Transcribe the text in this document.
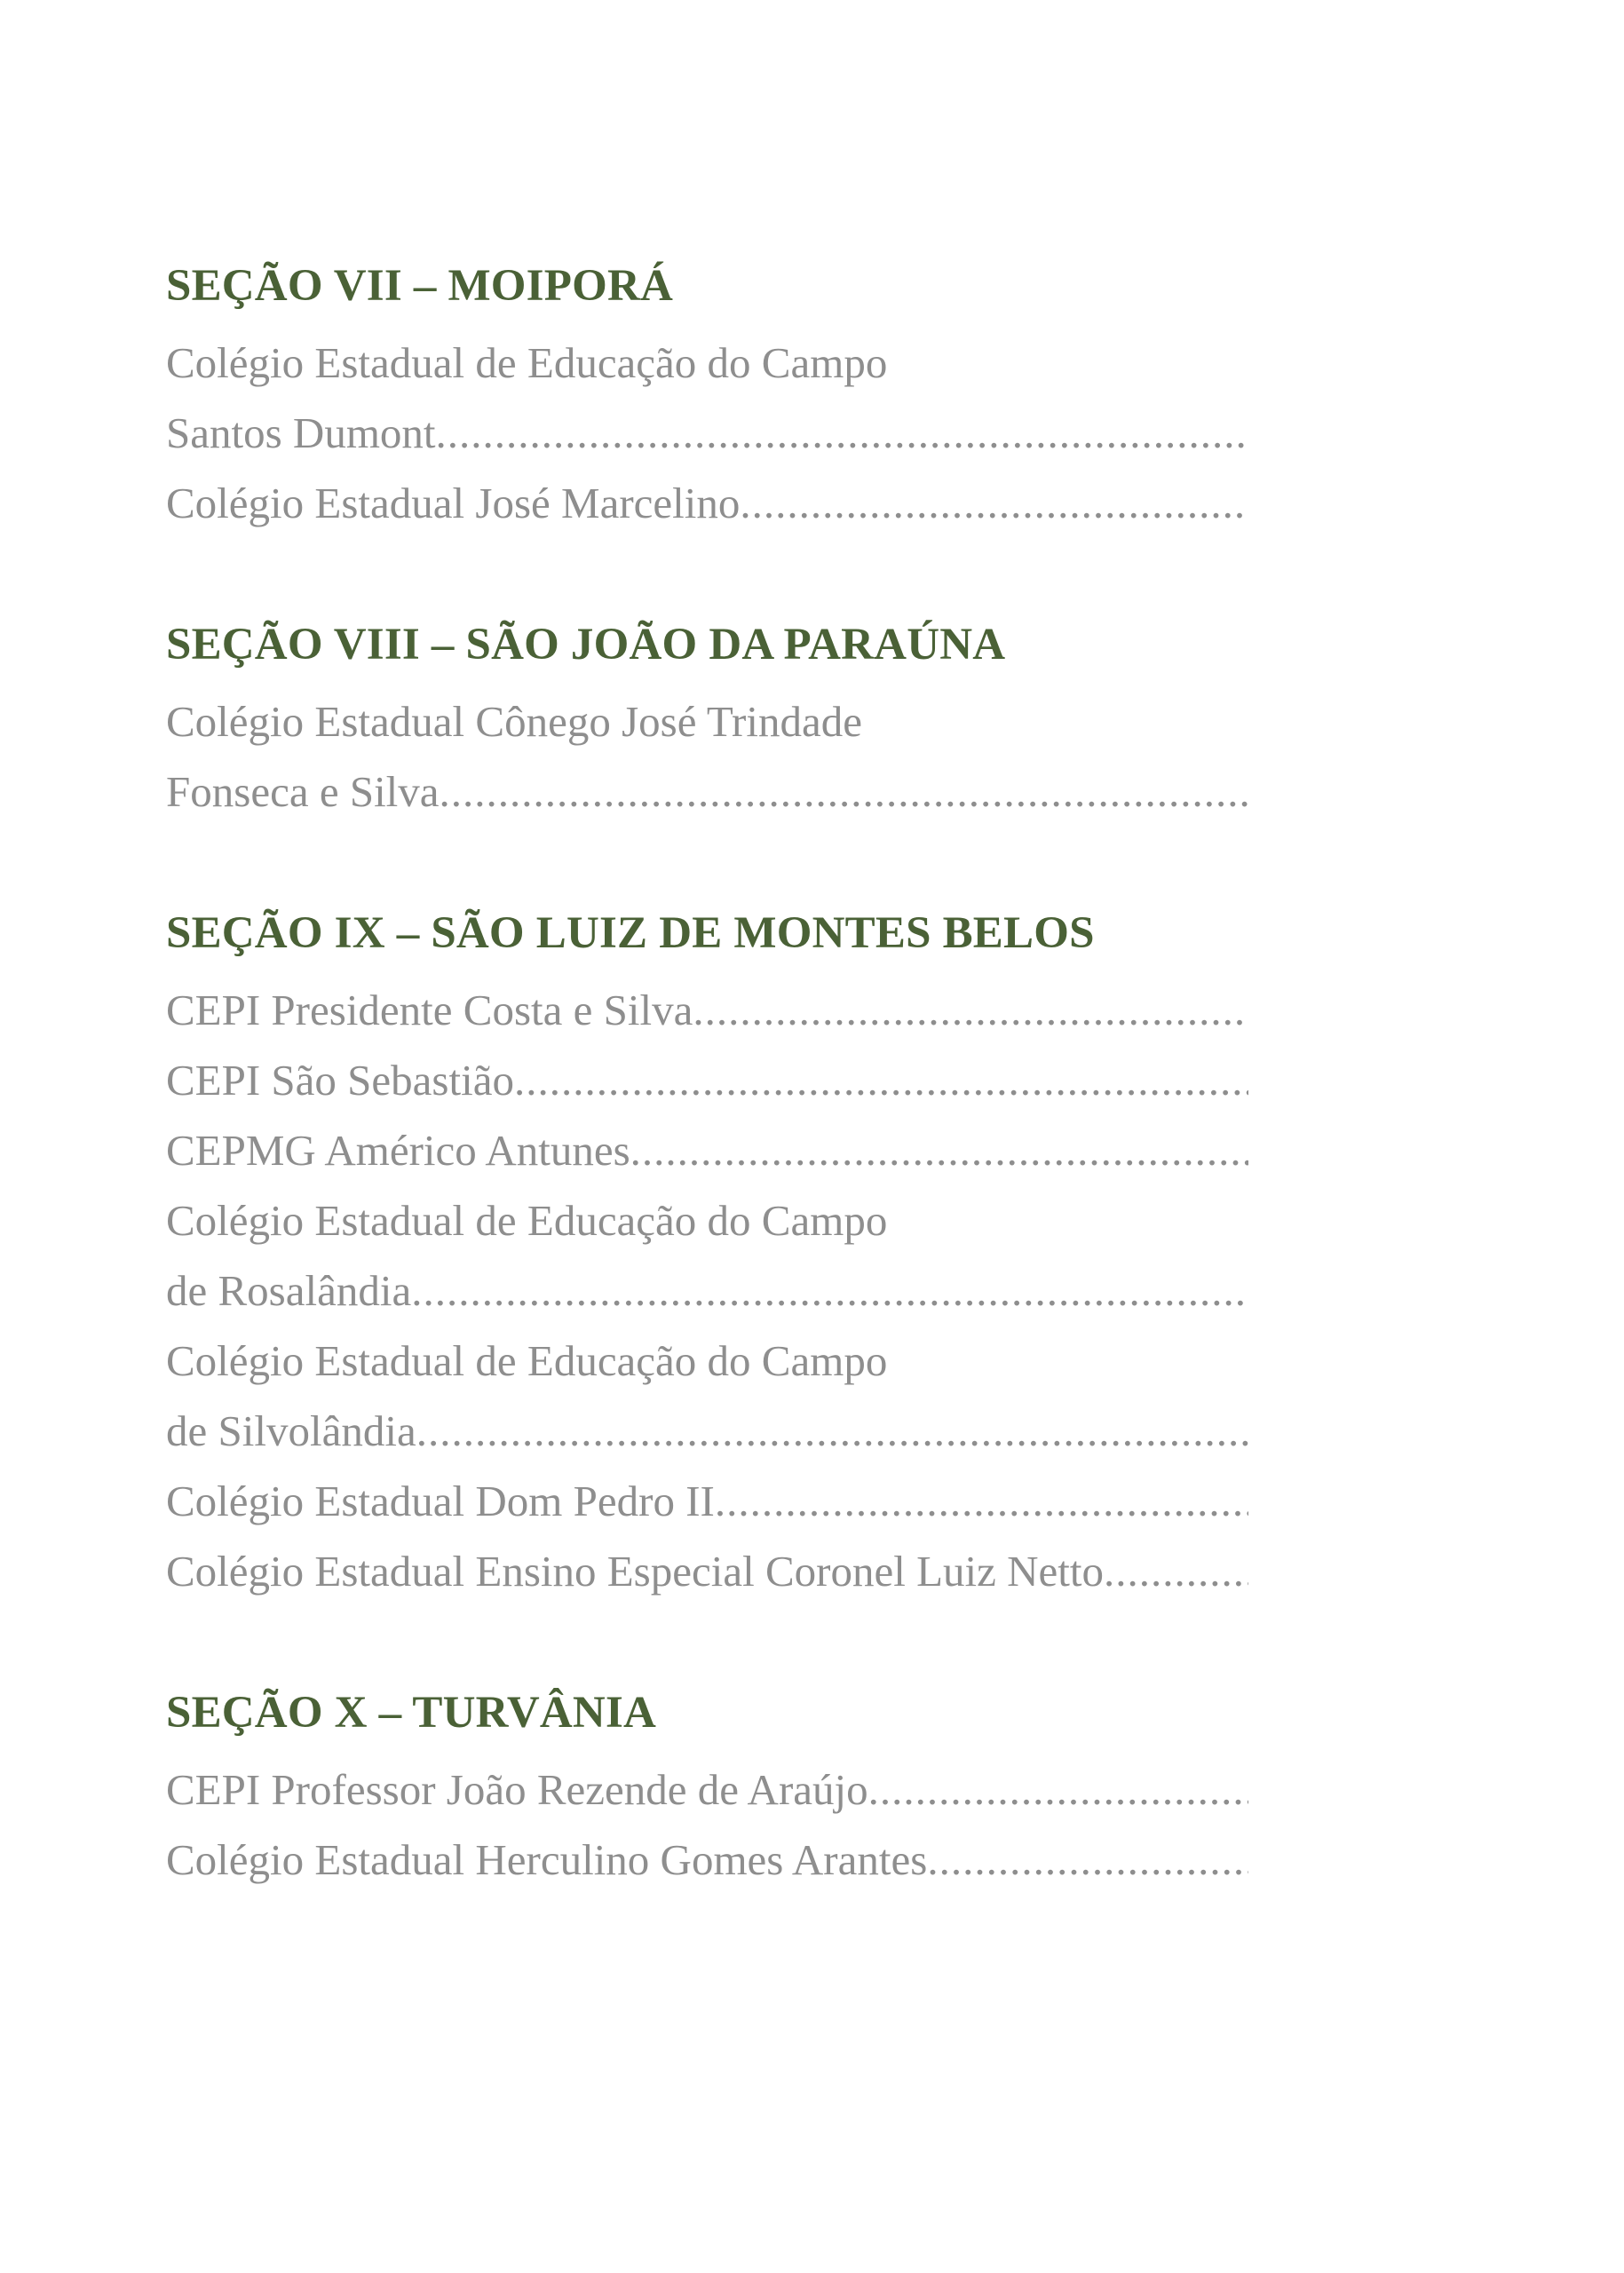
SEÇÃO VII – MOIPORÁ
Colégio Estadual de Educação do Campo
Santos Dumont
.....
Colégio Estadual José Marcelino
.....
SEÇÃO VIII – SÃO JOÃO DA PARAÚNA
Colégio Estadual Cônego José Trindade
Fonseca e Silva
.....
SEÇÃO IX – SÃO LUIZ DE MONTES BELOS
CEPI Presidente Costa e Silva
.....
CEPI São Sebastião
.....
CEPMG Américo Antunes
.....
Colégio Estadual de Educação do Campo
de Rosalândia
.....
Colégio Estadual de Educação do Campo
de Silvolândia
.....
Colégio Estadual Dom Pedro II
.....
Colégio Estadual Ensino Especial Coronel Luiz Netto
.....
SEÇÃO X – TURVÂNIA
CEPI Professor João Rezende de Araújo
.....
Colégio Estadual Herculino Gomes Arantes
.....
